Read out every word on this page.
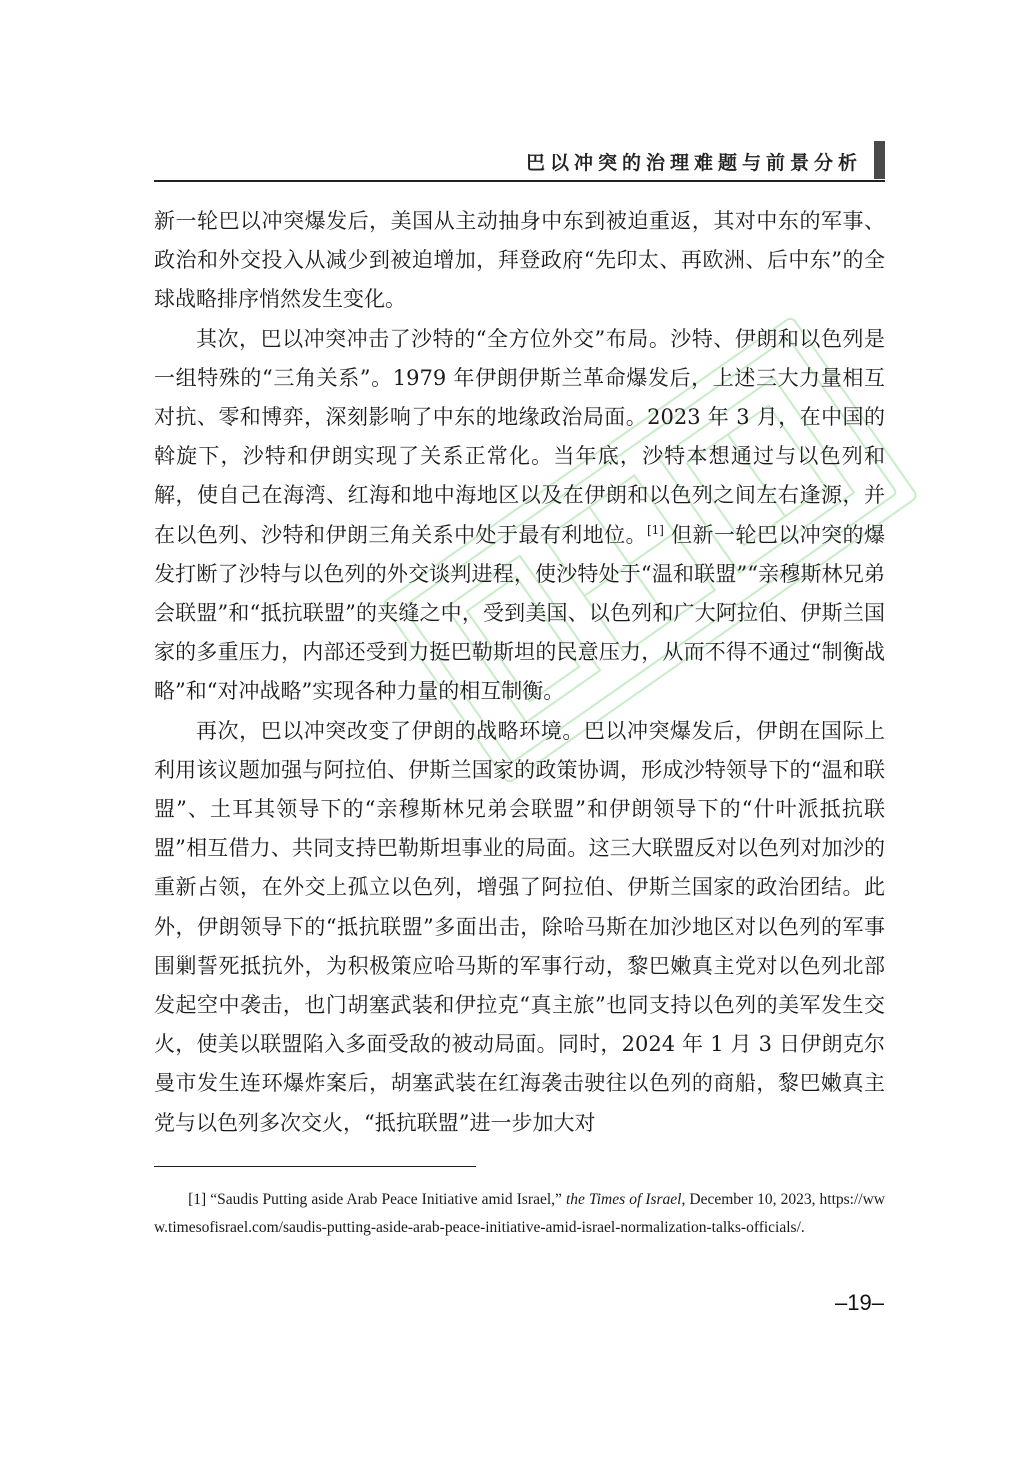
巴以冲突的治理难题与前景分析

新一轮巴以冲突爆发后，美国从主动抽身中东到被迫重返，其对中东的军事、政治和外交投入从减少到被迫增加，拜登政府“先印太、再欧洲、后中东”的全球战略排序悄然发生变化。

其次，巴以冲突冲击了沙特的“全方位外交”布局。沙特、伊朗和以色列是一组特殊的“三角关系”。1979 年伊朗伊斯兰革命爆发后，上述三大力量相互对抗、零和博弈，深刻影响了中东的地缘政治局面。2023 年 3 月，在中国的斡旋下，沙特和伊朗实现了关系正常化。当年底，沙特本想通过与以色列和解，使自己在海湾、红海和地中海地区以及在伊朗和以色列之间左右逢源，并在以色列、沙特和伊朗三角关系中处于最有利地位。[1] 但新一轮巴以冲突的爆发打断了沙特与以色列的外交谈判进程，使沙特处于“温和联盟”“亲穆斯林兄弟会联盟”和“抵抗联盟”的夹缝之中，受到美国、以色列和广大阿拉伯、伊斯兰国家的多重压力，内部还受到力挺巴勒斯坦的民意压力，从而不得不通过“制衡战略”和“对冲战略”实现各种力量的相互制衡。

再次，巴以冲突改变了伊朗的战略环境。巴以冲突爆发后，伊朗在国际上利用该议题加强与阿拉伯、伊斯兰国家的政策协调，形成沙特领导下的“温和联盟”、土耳其领导下的“亲穆斯林兄弟会联盟”和伊朗领导下的“什叶派抵抗联盟”相互借力、共同支持巴勒斯坦事业的局面。这三大联盟反对以色列对加沙的重新占领，在外交上孤立以色列，增强了阿拉伯、伊斯兰国家的政治团结。此外，伊朗领导下的“抵抗联盟”多面出击，除哈马斯在加沙地区对以色列的军事围剿誓死抵抗外，为积极策应哈马斯的军事行动，黎巴嫩真主党对以色列北部发起空中袭击，也门胡塞武装和伊拉克“真主旅”也同支持以色列的美军发生交火，使美以联盟陷入多面受敌的被动局面。同时，2024 年 1 月 3 日伊朗克尔曼市发生连环爆炸案后，胡塞武装在红海袭击驶往以色列的商船，黎巴嫩真主党与以色列多次交火，“抵抗联盟”进一步加大对

[1] “Saudis Putting aside Arab Peace Initiative amid Israel,” the Times of Israel, December 10, 2023, https://www.timesofisrael.com/saudis-putting-aside-arab-peace-initiative-amid-israel-normalization-talks-officials/.
–19–
